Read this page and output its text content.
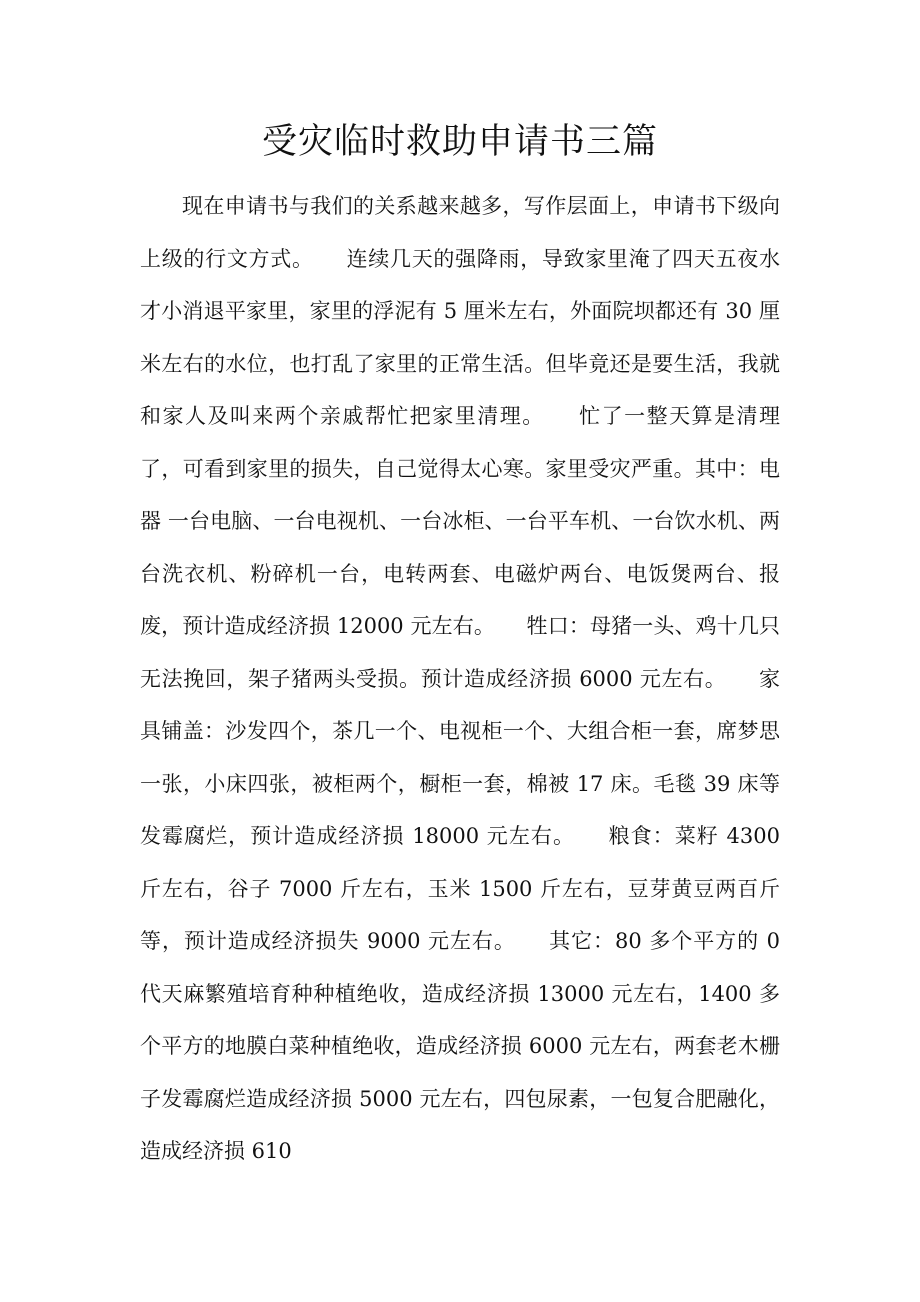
受灾临时救助申请书三篇

现在申请书与我们的关系越来越多，写作层面上，申请书下级向上级的行文方式。　　连续几天的强降雨，导致家里淹了四天五夜水才小消退平家里，家里的浮泥有 5 厘米左右，外面院坝都还有 30 厘米左右的水位，也打乱了家里的正常生活。但毕竟还是要生活，我就和家人及叫来两个亲戚帮忙把家里清理。　　忙了一整天算是清理了，可看到家里的损失，自己觉得太心寒。家里受灾严重。其中：电器 一台电脑、一台电视机、一台冰柜、一台平车机、一台饮水机、两台洗衣机、粉碎机一台，电转两套、电磁炉两台、电饭煲两台、报废，预计造成经济损 12000 元左右。　　牲口：母猪一头、鸡十几只无法挽回，架子猪两头受损。预计造成经济损 6000 元左右。　　家具铺盖：沙发四个，茶几一个、电视柜一个、大组合柜一套，席梦思一张，小床四张，被柜两个，橱柜一套，棉被 17 床。毛毯 39 床等发霉腐烂，预计造成经济损 18000 元左右。　　粮食：菜籽 4300 斤左右，谷子 7000 斤左右，玉米 1500 斤左右，豆芽黄豆两百斤等，预计造成经济损失 9000 元左右。　　其它：80 多个平方的 0 代天麻繁殖培育种种植绝收，造成经济损 13000 元左右，1400 多个平方的地膜白菜种植绝收，造成经济损 6000 元左右，两套老木栅子发霉腐烂造成经济损 5000 元左右，四包尿素，一包复合肥融化，造成经济损 610
